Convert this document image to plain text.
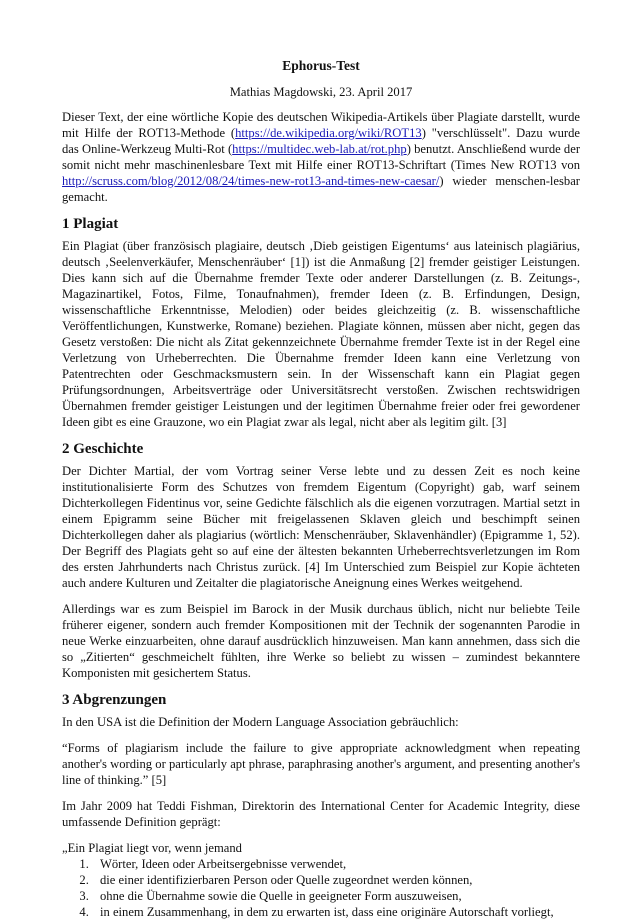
Ephorus-Test
Mathias Magdowski, 23. April 2017

Dieser Text, der eine wörtliche Kopie des deutschen Wikipedia-Artikels über Plagiate darstellt, wurde mit Hilfe der ROT13-Methode (https://de.wikipedia.org/wiki/ROT13) "verschlüsselt". Dazu wurde das Online-Werkzeug Multi-Rot (https://multidec.web-lab.at/rot.php) benutzt. Anschließend wurde der somit nicht mehr maschinenlesbare Text mit Hilfe einer ROT13-Schriftart (Times New ROT13 von http://scruss.com/blog/2012/08/24/times-new-rot13-and-times-new-caesar/) wieder menschen-lesbar gemacht.

1 Plagiat

Ein Plagiat (über französisch plagiaire, deutsch ‚Dieb geistigen Eigentums‘ aus lateinisch plagiārius, deutsch ‚Seelenverkäufer, Menschenräuber‘ [1]) ist die Anmaßung [2] fremder geistiger Leistungen. Dies kann sich auf die Übernahme fremder Texte oder anderer Darstellungen (z. B. Zeitungs-, Magazinartikel, Fotos, Filme, Tonaufnahmen), fremder Ideen (z. B. Erfindungen, Design, wissenschaftliche Erkenntnisse, Melodien) oder beides gleichzeitig (z. B. wissenschaftliche Veröffentlichungen, Kunstwerke, Romane) beziehen. Plagiate können, müssen aber nicht, gegen das Gesetz verstoßen: Die nicht als Zitat gekennzeichnete Übernahme fremder Texte ist in der Regel eine Verletzung von Urheberrechten. Die Übernahme fremder Ideen kann eine Verletzung von Patentrechten oder Geschmacksmustern sein. In der Wissenschaft kann ein Plagiat gegen Prüfungsordnungen, Arbeitsverträge oder Universitätsrecht verstoßen. Zwischen rechtswidrigen Übernahmen fremder geistiger Leistungen und der legitimen Übernahme freier oder frei gewordener Ideen gibt es eine Grauzone, wo ein Plagiat zwar als legal, nicht aber als legitim gilt. [3]

2 Geschichte

Der Dichter Martial, der vom Vortrag seiner Verse lebte und zu dessen Zeit es noch keine institutionalisierte Form des Schutzes von fremdem Eigentum (Copyright) gab, warf seinem Dichterkollegen Fidentinus vor, seine Gedichte fälschlich als die eigenen vorzutragen. Martial setzt in einem Epigramm seine Bücher mit freigelassenen Sklaven gleich und beschimpft seinen Dichterkollegen daher als plagiarius (wörtlich: Menschenräuber, Sklavenhändler) (Epigramme 1, 52). Der Begriff des Plagiats geht so auf eine der ältesten bekannten Urheberrechtsverletzungen im Rom des ersten Jahrhunderts nach Christus zurück. [4] Im Unterschied zum Beispiel zur Kopie ächteten auch andere Kulturen und Zeitalter die plagiatorische Aneignung eines Werkes weitgehend.

Allerdings war es zum Beispiel im Barock in der Musik durchaus üblich, nicht nur beliebte Teile früherer eigener, sondern auch fremder Kompositionen mit der Technik der sogenannten Parodie in neue Werke einzuarbeiten, ohne darauf ausdrücklich hinzuweisen. Man kann annehmen, dass sich die so „Zitierten“ geschmeichelt fühlten, ihre Werke so beliebt zu wissen – zumindest bekanntere Komponisten mit gesichertem Status.

3 Abgrenzungen

In den USA ist die Definition der Modern Language Association gebräuchlich:

“Forms of plagiarism include the failure to give appropriate acknowledgment when repeating another's wording or particularly apt phrase, paraphrasing another's argument, and presenting another's line of thinking.” [5]

Im Jahr 2009 hat Teddi Fishman, Direktorin des International Center for Academic Integrity, diese umfassende Definition geprägt:

„Ein Plagiat liegt vor, wenn jemand
1. Wörter, Ideen oder Arbeitsergebnisse verwendet,
2. die einer identifizierbaren Person oder Quelle zugeordnet werden können,
3. ohne die Übernahme sowie die Quelle in geeigneter Form auszuweisen,
4. in einem Zusammenhang, in dem zu erwarten ist, dass eine originäre Autorschaft vorliegt,
